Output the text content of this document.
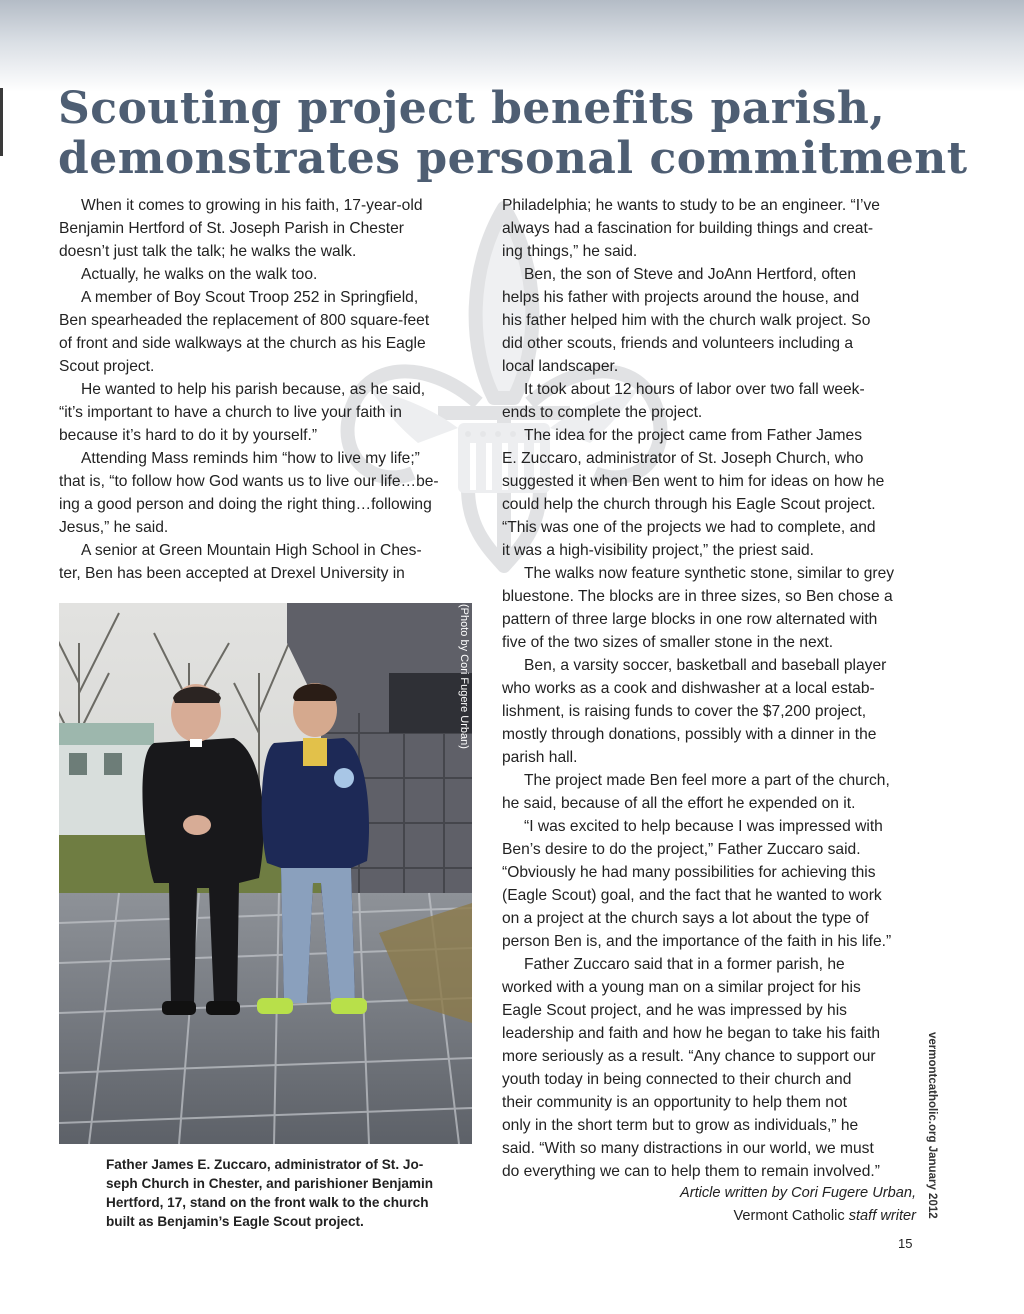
Scouting project benefits parish,
demonstrates personal commitment

When it comes to growing in his faith, 17-year-old

Benjamin Hertford of St. Joseph Parish in Chester

doesn’t just talk the talk; he walks the walk.

Actually, he walks on the walk too.

A member of Boy Scout Troop 252 in Springfield,

Ben spearheaded the replacement of 800 square-feet

of front and side walkways at the church as his Eagle

Scout project.

He wanted to help his parish because, as he said,

“it’s important to have a church to live your faith in

because it’s hard to do it by yourself.”

Attending Mass reminds him “how to live my life;”

that is, “to follow how God wants us to live our life…be-

ing a good person and doing the right thing…following

Jesus,” he said.

A senior at Green Mountain High School in Ches-

ter, Ben has been accepted at Drexel University in

Philadelphia; he wants to study to be an engineer. “I’ve

always had a fascination for building things and creat-

ing things,” he said.

Ben, the son of Steve and JoAnn Hertford, often

helps his father with projects around the house, and

his father helped him with the church walk project. So

did other scouts, friends and volunteers including a

local landscaper.

It took about 12 hours of labor over two fall week-

ends to complete the project.

The idea for the project came from Father James

E. Zuccaro, administrator of St. Joseph Church, who

suggested it when Ben went to him for ideas on how he

could help the church through his Eagle Scout project.

“This was one of the projects we had to complete, and

it was a high-visibility project,” the priest said.

The walks now feature synthetic stone, similar to grey

bluestone. The blocks are in three sizes, so Ben chose a

pattern of three large blocks in one row alternated with

five of the two sizes of smaller stone in the next.

Ben, a varsity soccer, basketball and baseball player

who works as a cook and dishwasher at a local estab-

lishment, is raising funds to cover the $7,200 project,

mostly through donations, possibly with a dinner in the

parish hall.

The project made Ben feel more a part of the church,

he said, because of all the effort he expended on it.

“I was excited to help because I was impressed with

Ben’s desire to do the project,” Father Zuccaro said.

“Obviously he had many possibilities for achieving this

(Eagle Scout) goal, and the fact that he wanted to work

on a project at the church says a lot about the type of

person Ben is, and the importance of the faith in his life.”

Father Zuccaro said that in a former parish, he

worked with a young man on a similar project for his

Eagle Scout project, and he was impressed by his

leadership and faith and how he began to take his faith

more seriously as a result. “Any chance to support our

youth today in being connected to their church and

their community is an opportunity to help them not

only in the short term but to grow as individuals,” he

said. “With so many distractions in our world, we must

do everything we can to help them to remain involved.”

(Photo by Cori Fugere Urban)

Father James E. Zuccaro, administrator of St. Jo-

seph Church in Chester, and parishioner Benjamin

Hertford, 17, stand on the front walk to the church

built as Benjamin’s Eagle Scout project.

Article written by Cori Fugere Urban,

Vermont Catholic staff writer vermontcatholic.org January 2012
15
